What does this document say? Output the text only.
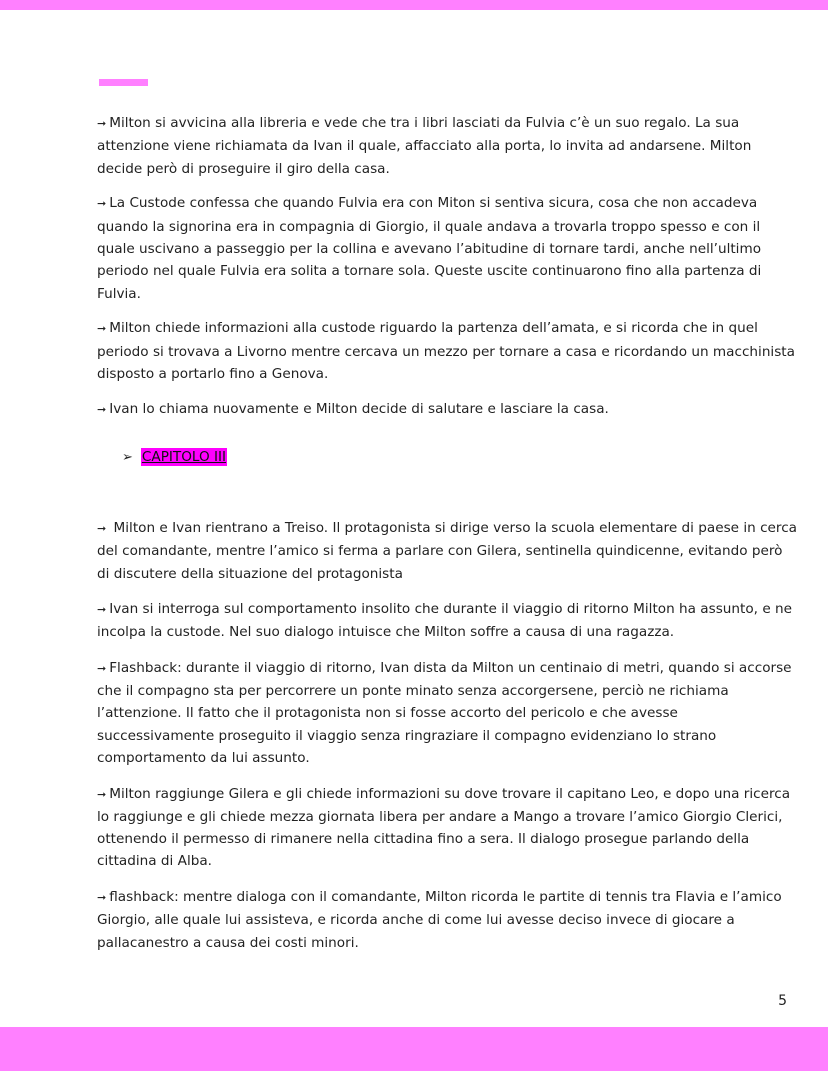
➞ Milton si avvicina alla libreria e vede che tra i libri lasciati da Fulvia c’è un suo regalo. La sua attenzione viene richiamata da Ivan il quale, affacciato alla porta, lo invita ad andarsene. Milton decide però di proseguire il giro della casa.

➞ La Custode confessa che quando Fulvia era con Miton si sentiva sicura, cosa che non accadeva quando la signorina era in compagnia di Giorgio, il quale andava a trovarla troppo spesso e con il quale uscivano a passeggio per la collina e avevano l’abitudine di tornare tardi, anche nell’ultimo periodo nel quale Fulvia era solita a tornare sola. Queste uscite continuarono fino alla partenza di Fulvia.

➞ Milton chiede informazioni alla custode riguardo la partenza dell’amata, e si ricorda che in quel periodo si trovava a Livorno mentre cercava un mezzo per tornare a casa e ricordando un macchinista disposto a portarlo fino a Genova.

➞ Ivan lo chiama nuovamente e Milton decide di salutare e lasciare la casa.

➢ CAPITOLO III

➞ Milton e Ivan rientrano a Treiso. Il protagonista si dirige verso la scuola elementare di paese in cerca del comandante, mentre l’amico si ferma a parlare con Gilera, sentinella quindicenne, evitando però di discutere della situazione del protagonista

➞ Ivan si interroga sul comportamento insolito che durante il viaggio di ritorno Milton ha assunto, e ne incolpa la custode. Nel suo dialogo intuisce che Milton soffre a causa di una ragazza.

➞ Flashback: durante il viaggio di ritorno, Ivan dista da Milton un centinaio di metri, quando si accorse che il compagno sta per percorrere un ponte minato senza accorgersene, perciò ne richiama l’attenzione. Il fatto che il protagonista non si fosse accorto del pericolo e che avesse successivamente proseguito il viaggio senza ringraziare il compagno evidenziano lo strano comportamento da lui assunto.

➞ Milton raggiunge Gilera e gli chiede informazioni su dove trovare il capitano Leo, e dopo una ricerca lo raggiunge e gli chiede mezza giornata libera per andare a Mango a trovare l’amico Giorgio Clerici, ottenendo il permesso di rimanere nella cittadina fino a sera. Il dialogo prosegue parlando della cittadina di Alba.

➞ flashback: mentre dialoga con il comandante, Milton ricorda le partite di tennis tra Flavia e l’amico Giorgio, alle quale lui assisteva, e ricorda anche di come lui avesse deciso invece di giocare a pallacanestro a causa dei costi minori.

5
